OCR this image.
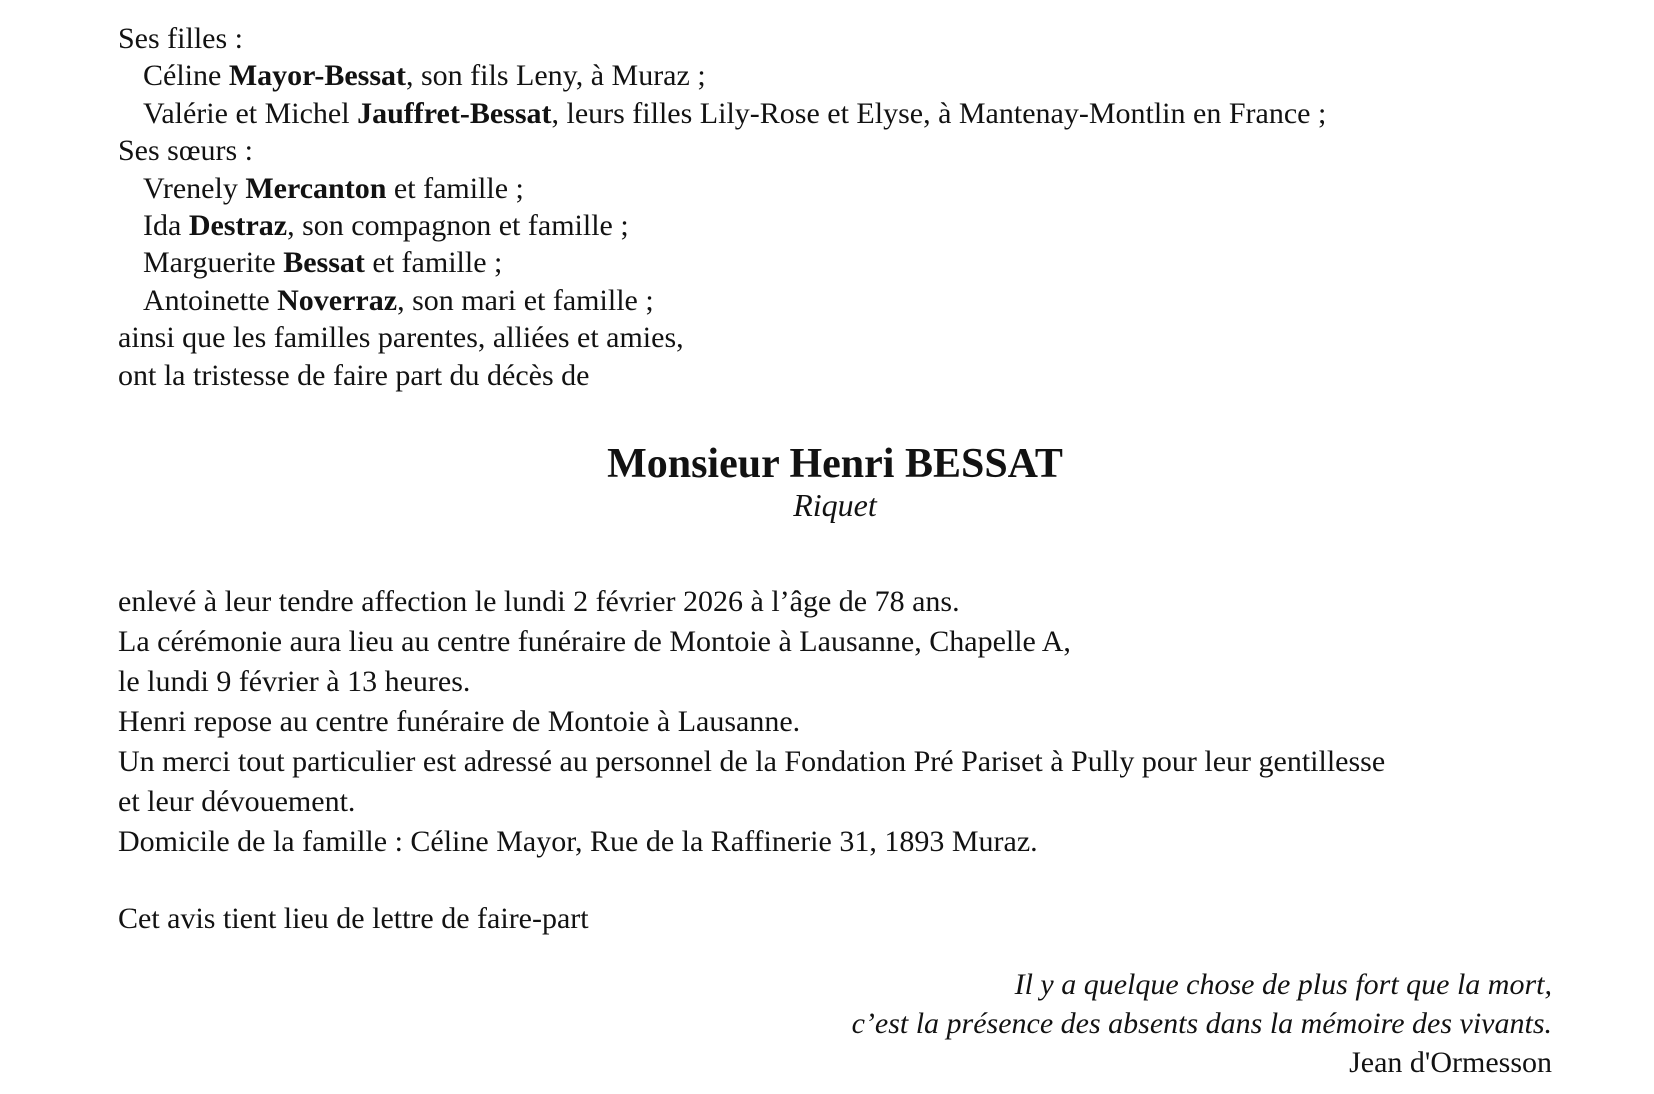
Ses filles :
Céline Mayor-Bessat, son fils Leny, à Muraz ;
Valérie et Michel Jauffret-Bessat, leurs filles Lily-Rose et Elyse, à Mantenay-Montlin en France ;
Ses sœurs :
Vrenely Mercanton et famille ;
Ida Destraz, son compagnon et famille ;
Marguerite Bessat et famille ;
Antoinette Noverraz, son mari et famille ;
ainsi que les familles parentes, alliées et amies,
ont la tristesse de faire part du décès de
Monsieur Henri BESSAT
Riquet
enlevé à leur tendre affection le lundi 2 février 2026 à l’âge de 78 ans.
La cérémonie aura lieu au centre funéraire de Montoie à Lausanne, Chapelle A,
le lundi 9 février à 13 heures.
Henri repose au centre funéraire de Montoie à Lausanne.
Un merci tout particulier est adressé au personnel de la Fondation Pré Pariset à Pully pour leur gentillesse
et leur dévouement.
Domicile de la famille : Céline Mayor, Rue de la Raffinerie 31, 1893 Muraz.
Cet avis tient lieu de lettre de faire-part
Il y a quelque chose de plus fort que la mort,
c’est la présence des absents dans la mémoire des vivants.
Jean d'Ormesson
